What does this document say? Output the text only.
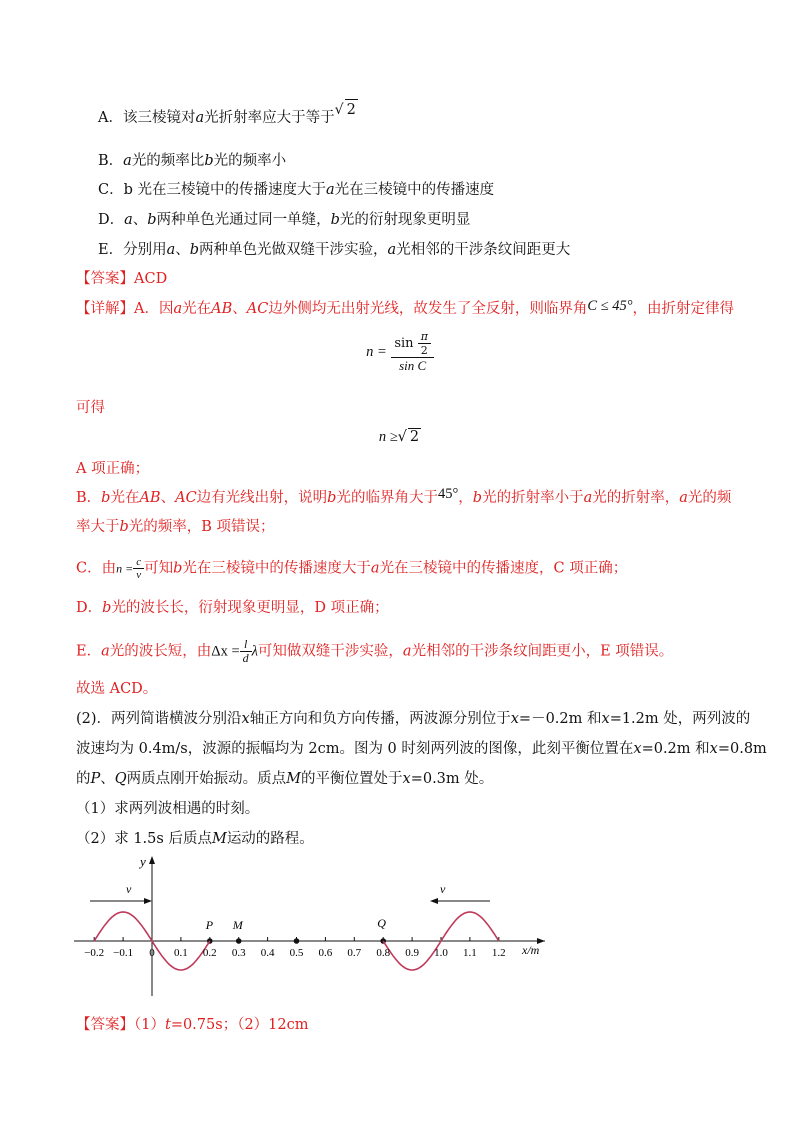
A．该三棱镜对a光折射率应大于等于√ 2
B．a光的频率比b光的频率小
C．b 光在三棱镜中的传播速度大于a光在三棱镜中的传播速度
D．a、b两种单色光通过同一单缝，b光的衍射现象更明显
E．分别用a、b两种单色光做双缝干涉实验，a光相邻的干涉条纹间距更大
【答案】ACD
【详解】A．因a光在AB、AC边外侧均无出射光线，故发生了全反射，则临界角C ≤ 45°，由折射定律得
$n = \frac{\sin \frac{\pi}{2}}{\text{sin C}}$
可得
n ≥√ 2
A 项正确；
B．b光在AB、AC边有光线出射，说明b光的临界角大于45°，b光的折射率小于a光的折射率，a光的频
率大于b光的频率，B 项错误；
C．由$n = \frac{c}{v}$ 可知b光在三棱镜中的传播速度大于a光在三棱镜中的传播速度，C 项正确；
D．b光的波长长，衍射现象更明显，D 项正确；
E．a光的波长短，由$\Delta x = \frac{l}{d}$ λ可知做双缝干涉实验，a光相邻的干涉条纹间距更小，E 项错误。
故选 ACD。
(2)．两列简谐横波分别沿x轴正方向和负方向传播，两波源分别位于x=－0.2m 和x=1.2m 处，两列波的
波速均为 0.4m/s，波源的振幅均为 2cm。图为 0 时刻两列波的图像，此刻平衡位置在x=0.2m 和x=0.8m
的P、Q两质点刚开始振动。质点M的平衡位置处于x=0.3m 处。
（1）求两列波相遇的时刻。
（2）求 1.5s 后质点M运动的路程。
y
x/m
−0.2 −0.1 0 0.1 0.2 0.3 0.4 0.5 0.6 0.7 0.8 0.9 1.0 1.1 1.2
P M	Q
v	v
【答案】（1）t=0.75s；（2）12cm
